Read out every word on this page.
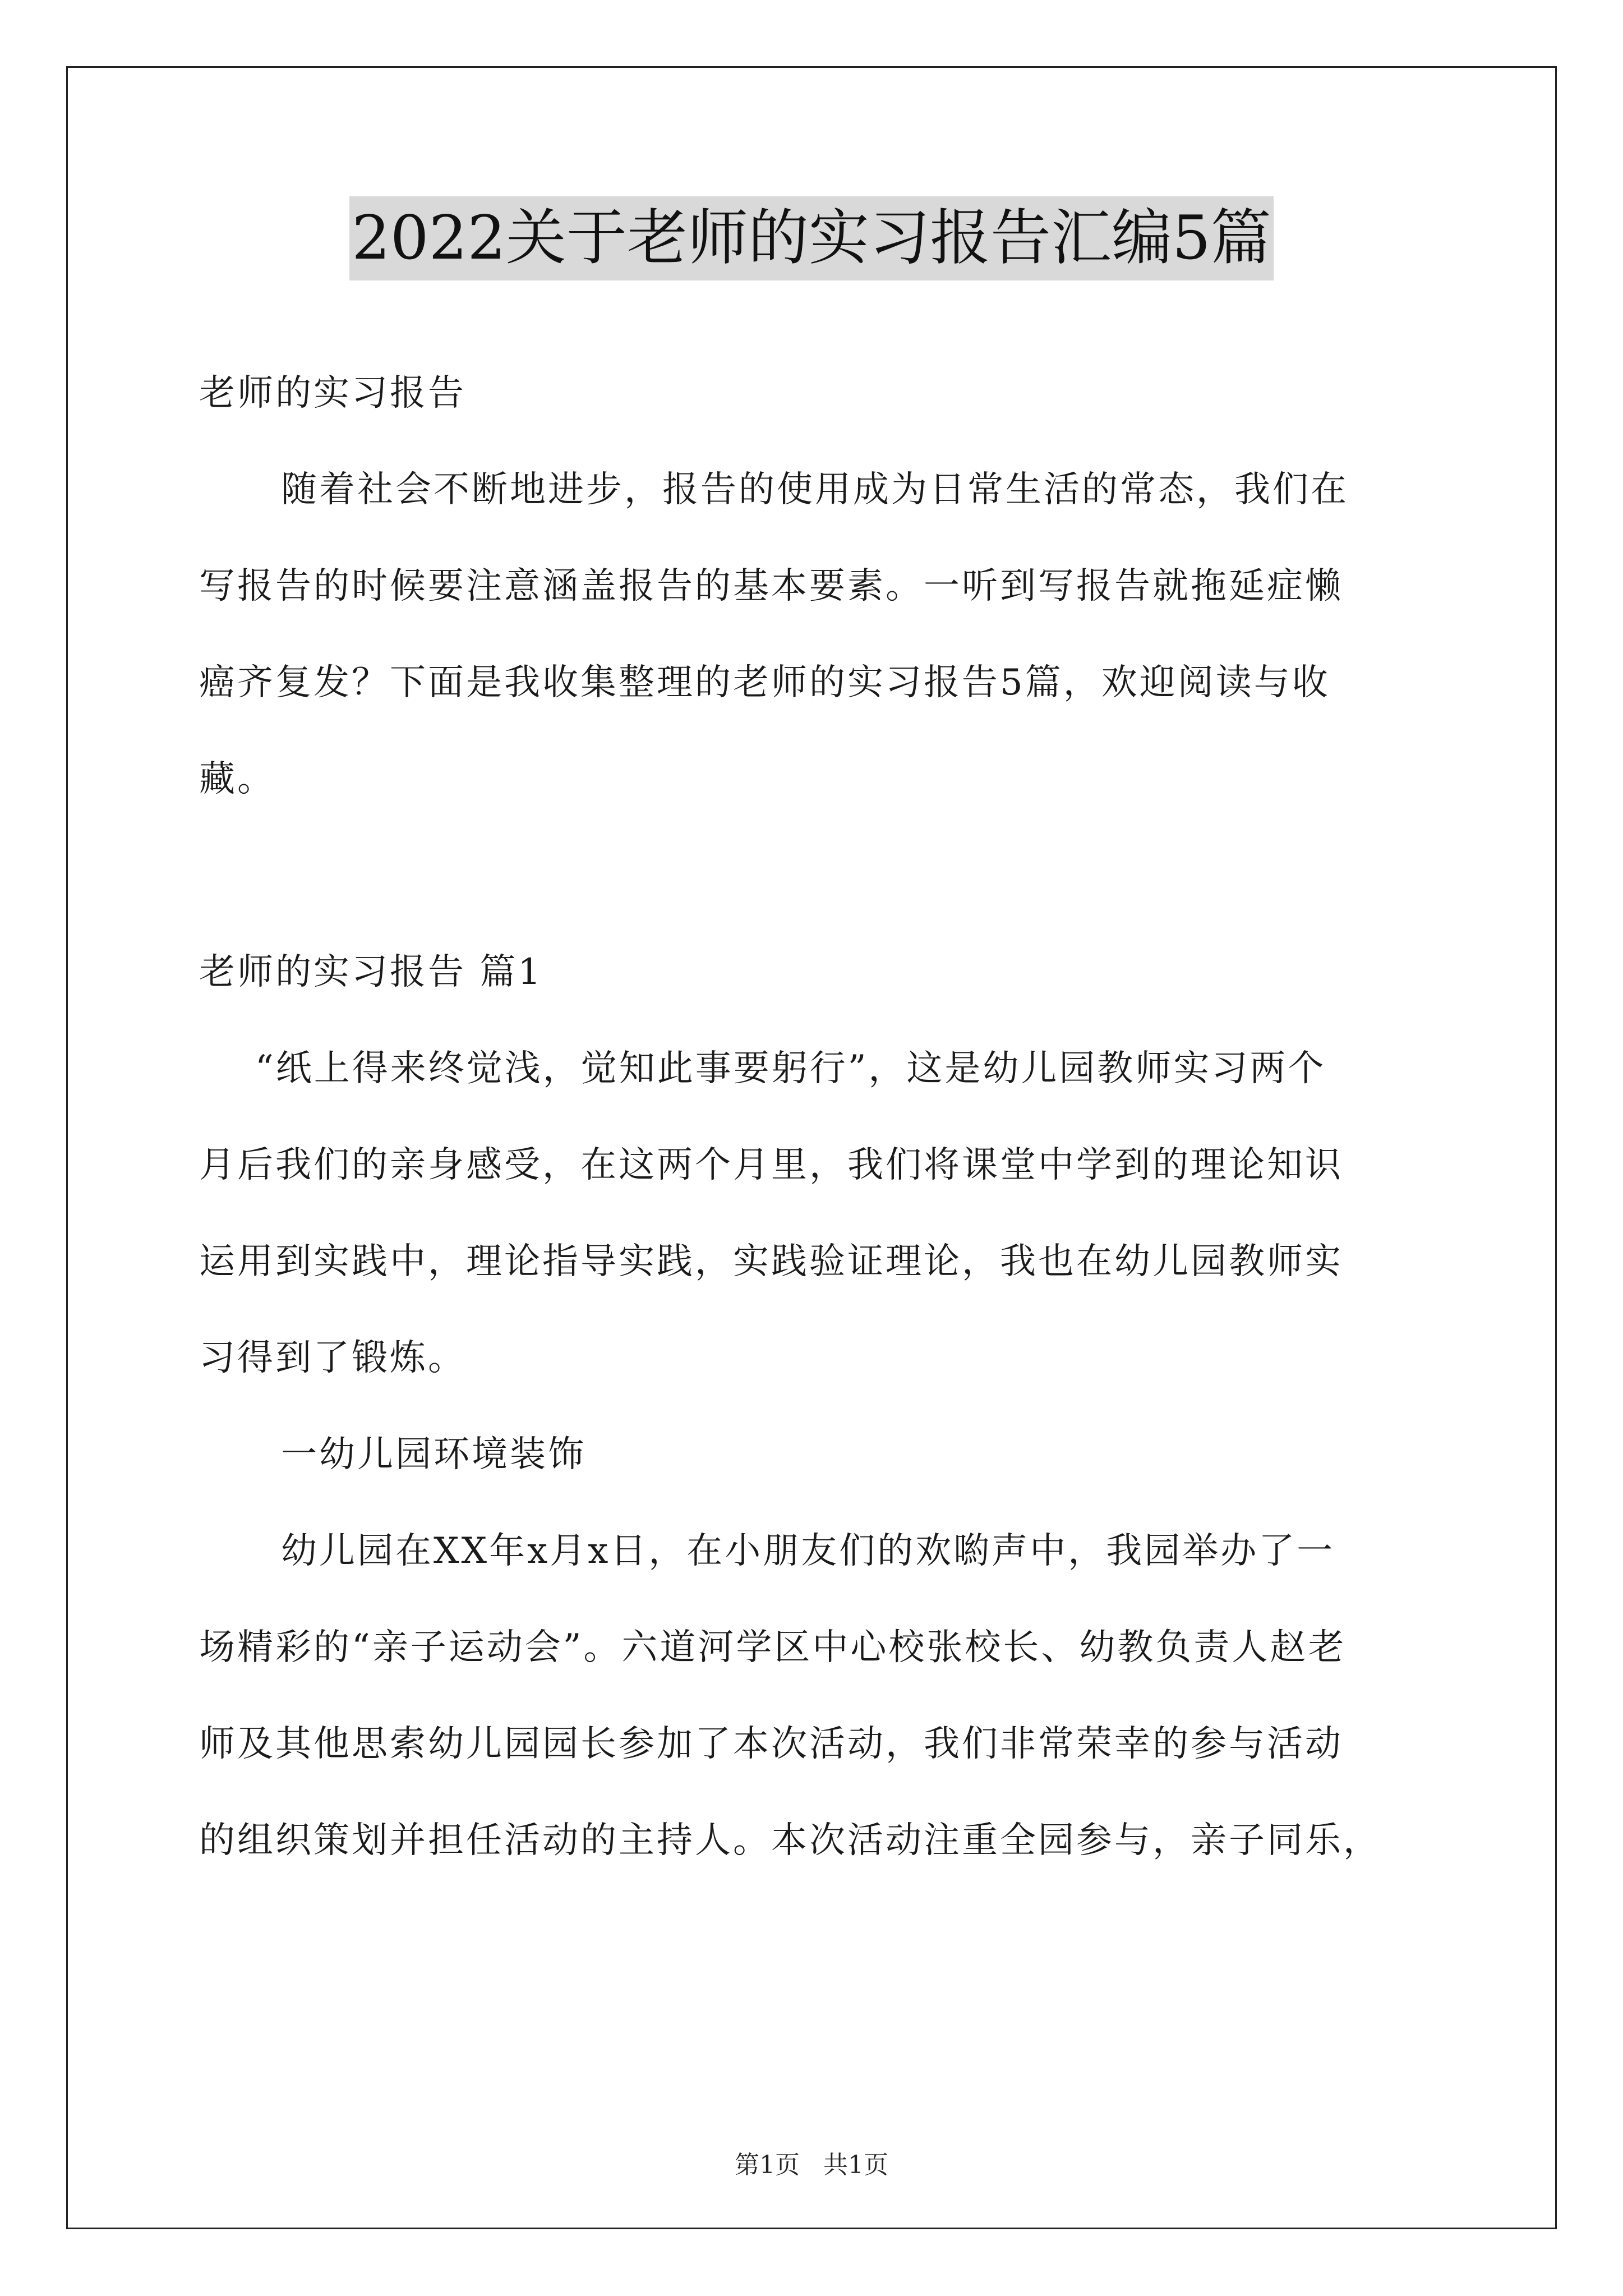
2022关于老师的实习报告汇编5篇
老师的实习报告
随着社会不断地进步，报告的使用成为日常生活的常态，我们在
写报告的时候要注意涵盖报告的基本要素。一听到写报告就拖延症懒
癌齐复发？下面是我收集整理的老师的实习报告5篇，欢迎阅读与收
藏。
老师的实习报告 篇1
“纸上得来终觉浅，觉知此事要躬行”，这是幼儿园教师实习两个
月后我们的亲身感受，在这两个月里，我们将课堂中学到的理论知识
运用到实践中，理论指导实践，实践验证理论，我也在幼儿园教师实
习得到了锻炼。
一幼儿园环境装饰
幼儿园在XX年x月x日，在小朋友们的欢喲声中，我园举办了一
场精彩的“亲子运动会”。六道河学区中心校张校长、幼教负责人赵老
师及其他思索幼儿园园长参加了本次活动，我们非常荣幸的参与活动
的组织策划并担任活动的主持人。本次活动注重全园参与，亲子同乐，
第1页 共1页
